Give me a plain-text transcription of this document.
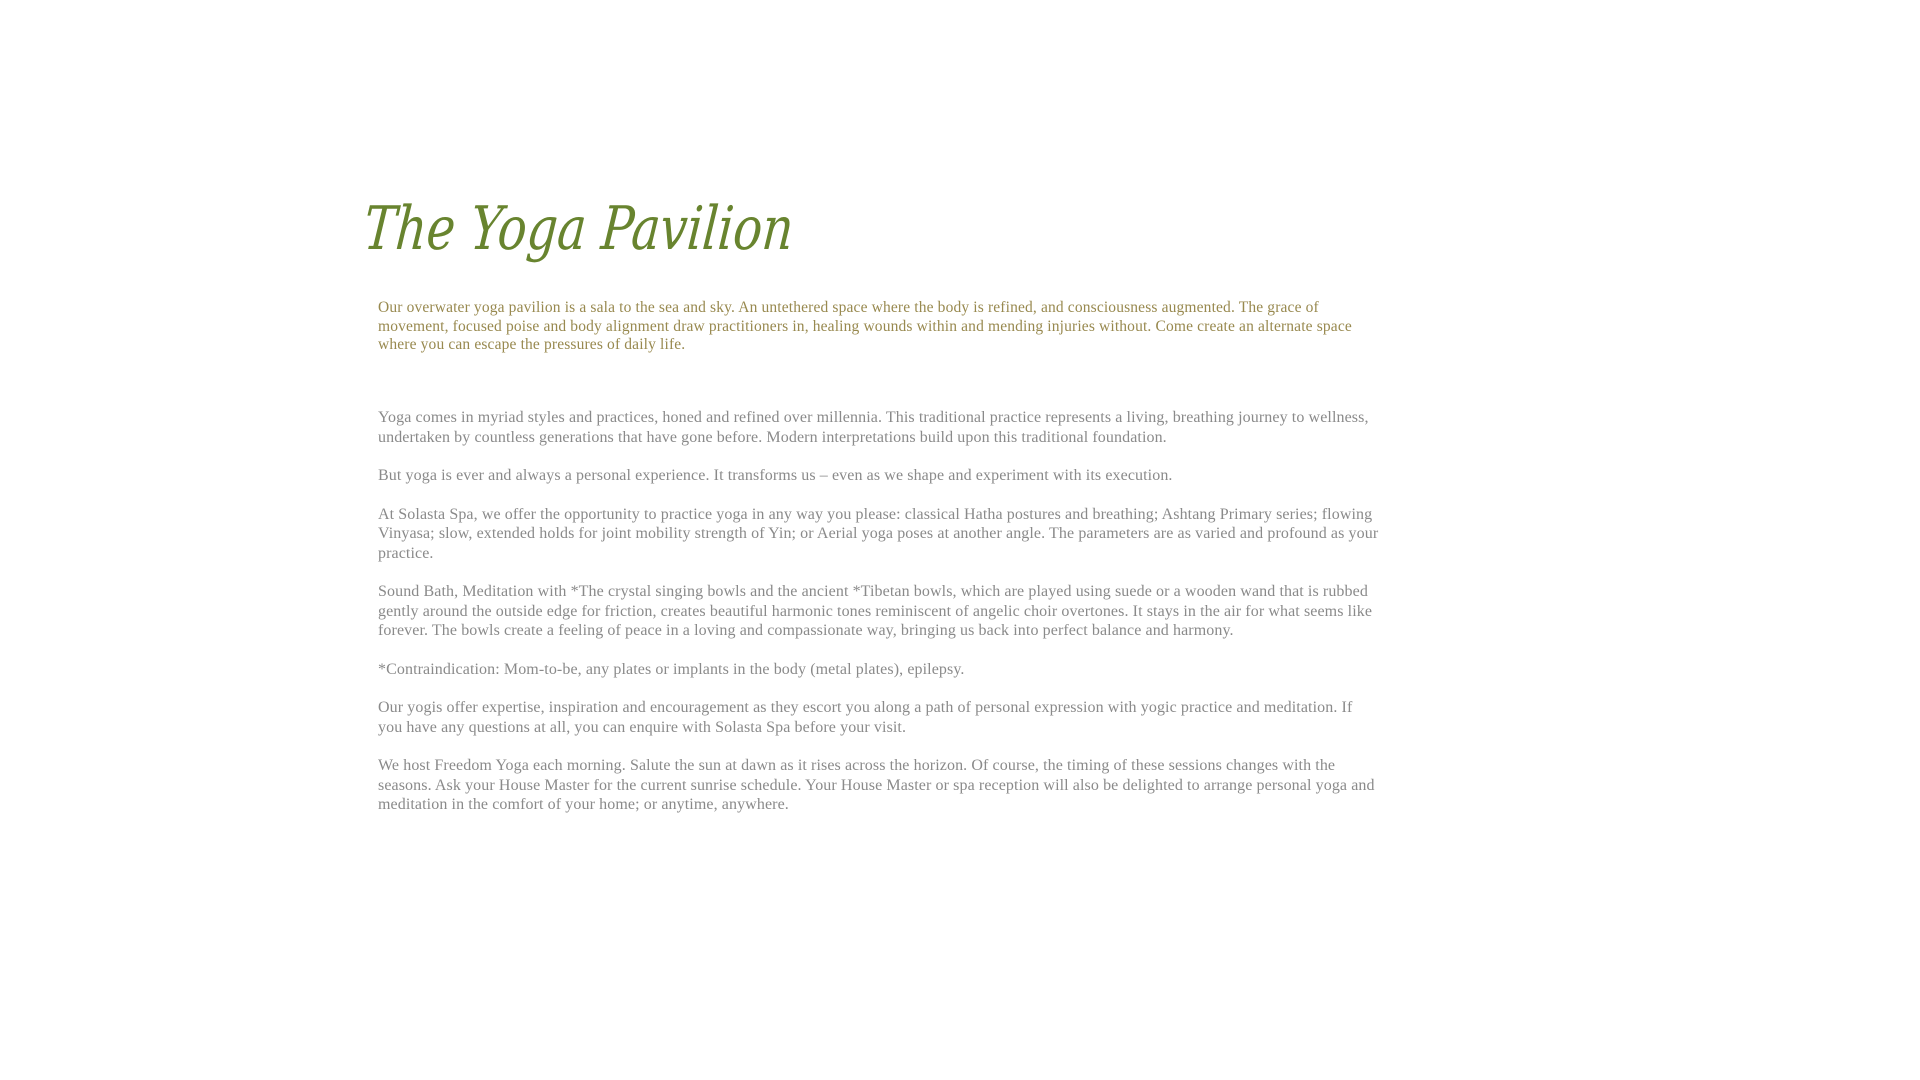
The Yoga Pavilion

Our overwater yoga pavilion is a sala to the sea and sky. An untethered space where the body is refined, and consciousness augmented. The grace of movement, focused poise and body alignment draw practitioners in, healing wounds within and mending injuries without. Come create an alternate space where you can escape the pressures of daily life.

Yoga comes in myriad styles and practices, honed and refined over millennia. This traditional practice represents a living, breathing journey to wellness, undertaken by countless generations that have gone before. Modern interpretations build upon this traditional foundation.

But yoga is ever and always a personal experience. It transforms us – even as we shape and experiment with its execution.

At Solasta Spa, we offer the opportunity to practice yoga in any way you please: classical Hatha postures and breathing; Ashtang Primary series; flowing Vinyasa; slow, extended holds for joint mobility strength of Yin; or Aerial yoga poses at another angle. The parameters are as varied and profound as your practice.

Sound Bath, Meditation with *The crystal singing bowls and the ancient *Tibetan bowls, which are played using suede or a wooden wand that is rubbed gently around the outside edge for friction, creates beautiful harmonic tones reminiscent of angelic choir overtones. It stays in the air for what seems like forever. The bowls create a feeling of peace in a loving and compassionate way, bringing us back into perfect balance and harmony.

*Contraindication: Mom-to-be, any plates or implants in the body (metal plates), epilepsy.

Our yogis offer expertise, inspiration and encouragement as they escort you along a path of personal expression with yogic practice and meditation. If you have any questions at all, you can enquire with Solasta Spa before your visit.

We host Freedom Yoga each morning. Salute the sun at dawn as it rises across the horizon. Of course, the timing of these sessions changes with the seasons. Ask your House Master for the current sunrise schedule. Your House Master or spa reception will also be delighted to arrange personal yoga and meditation in the comfort of your home; or anytime, anywhere.
